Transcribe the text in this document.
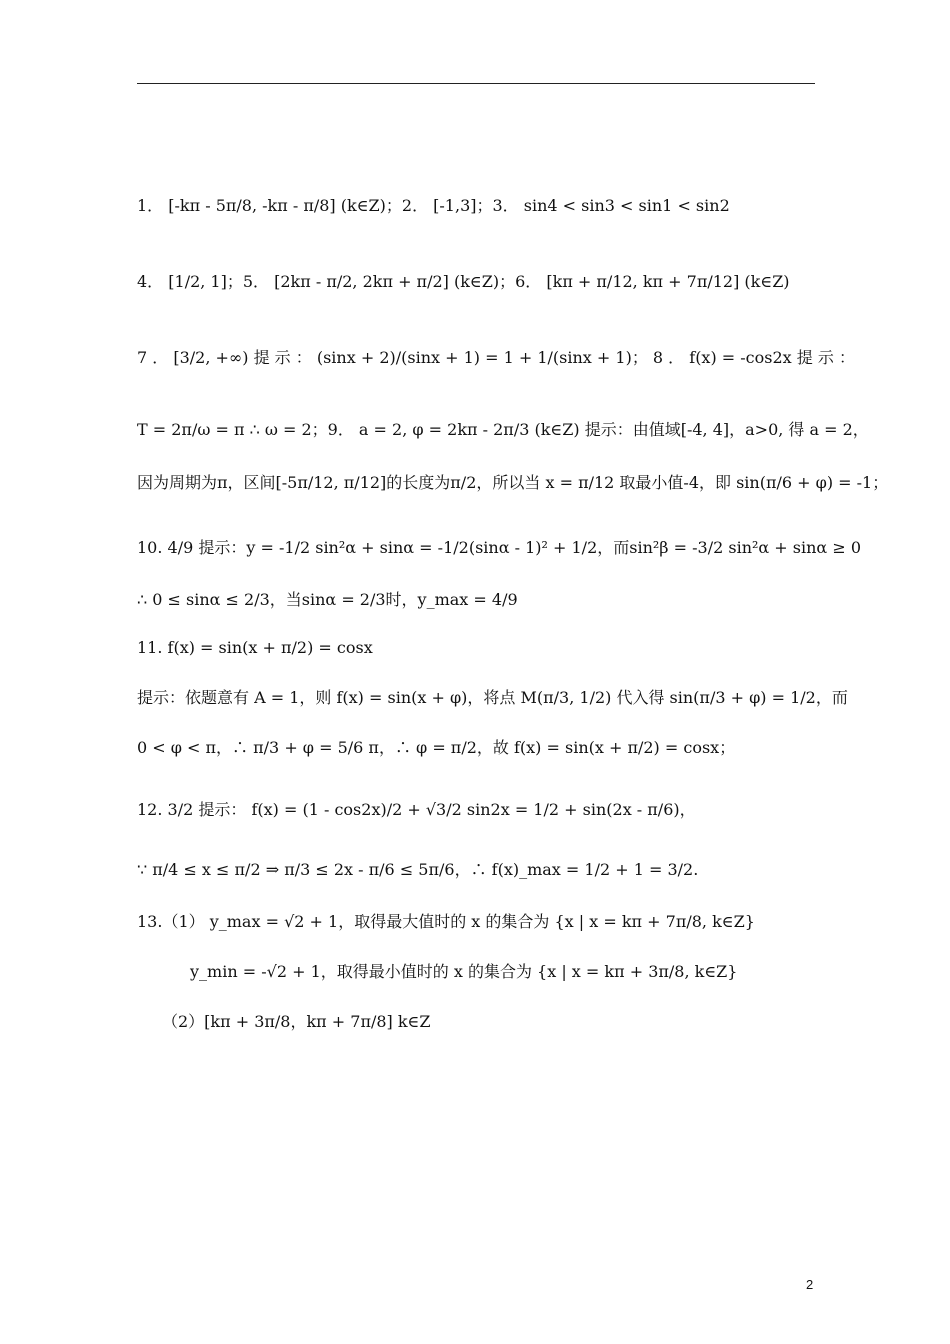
1． [-kπ - 5π/8, -kπ - π/8] (k∈Z)；2． [-1,3]；3． sin4 < sin3 < sin1 < sin2
4． [1/2, 1]；5． [2kπ - π/2, 2kπ + π/2] (k∈Z)；6． [kπ + π/12, kπ + 7π/12] (k∈Z)
7 ． [3/2, +∞) 提 示 ： (sinx + 2)/(sinx + 1) = 1 + 1/(sinx + 1)； 8 ． f(x) = -cos2x 提 示 ：
T = 2π/ω = π ∴ ω = 2；9． a = 2, φ = 2kπ - 2π/3 (k∈Z) 提示：由值域[-4, 4]，a>0, 得 a = 2，
因为周期为π，区间[-5π/12, π/12]的长度为π/2，所以当 x = π/12 取最小值-4，即 sin(π/6 + φ) = -1；
10. 4/9 提示：y = -1/2 sin²α + sinα = -1/2(sinα - 1)² + 1/2，而sin²β = -3/2 sin²α + sinα ≥ 0
∴ 0 ≤ sinα ≤ 2/3，当sinα = 2/3时，y_max = 4/9
11. f(x) = sin(x + π/2) = cosx
提示：依题意有 A = 1，则 f(x) = sin(x + φ)，将点 M(π/3, 1/2) 代入得 sin(π/3 + φ) = 1/2，而
0 < φ < π，∴ π/3 + φ = 5/6 π，∴ φ = π/2，故 f(x) = sin(x + π/2) = cosx；
12. 3/2 提示： f(x) = (1 - cos2x)/2 + √3/2 sin2x = 1/2 + sin(2x - π/6)，
∵ π/4 ≤ x ≤ π/2 ⇒ π/3 ≤ 2x - π/6 ≤ 5π/6，∴ f(x)_max = 1/2 + 1 = 3/2.
13.（1） y_max = √2 + 1，取得最大值时的 x 的集合为 {x | x = kπ + 7π/8, k∈Z}
y_min = -√2 + 1，取得最小值时的 x 的集合为 {x | x = kπ + 3π/8, k∈Z}
（2）[kπ + 3π/8，kπ + 7π/8] k∈Z
2
